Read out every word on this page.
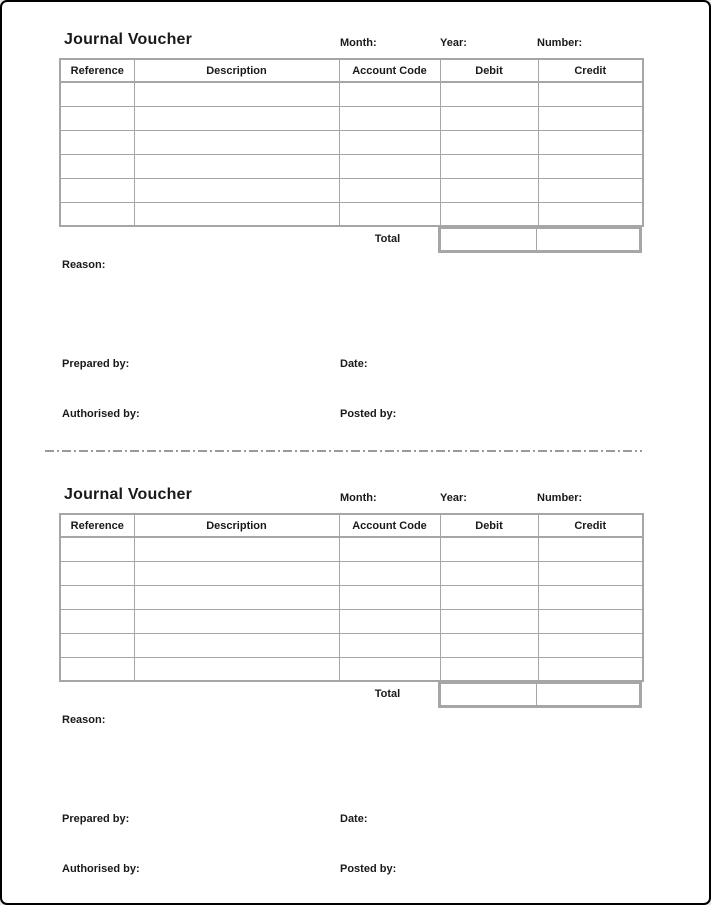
Journal Voucher	Month:	Year:	Number:
Reference	Description	Account Code	Debit	Credit

Total
Reason:
Prepared by:	Date:
Authorised by:	Posted by:
Journal Voucher	Month:	Year:	Number:
Reference	Description	Account Code	Debit	Credit

Total
Reason:
Prepared by:	Date:
Authorised by:	Posted by:
